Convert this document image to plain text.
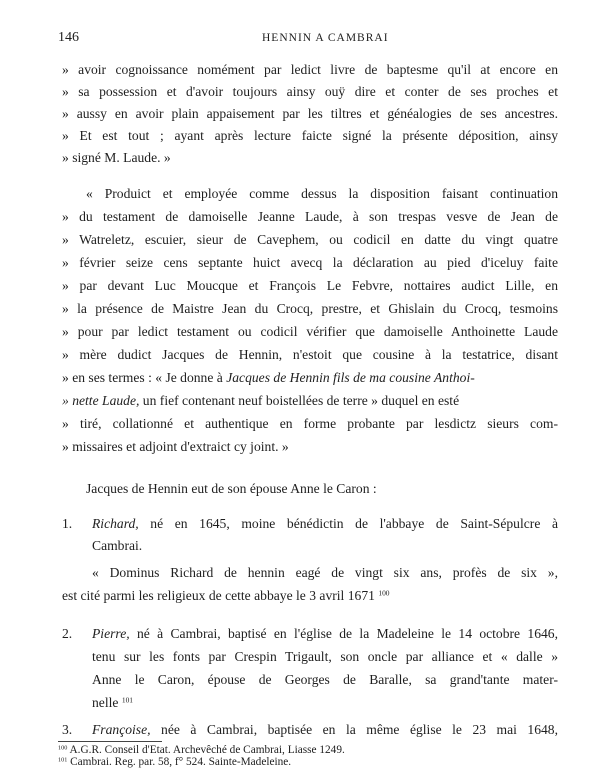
146	HENNIN A CAMBRAI
» avoir cognoissance nomément par ledict livre de baptesme qu'il at encore en
» sa possession et d'avoir toujours ainsy ouÿ dire et conter de ses proches et
» aussy en avoir plain appaisement par les tiltres et généalogies de ses ancestres.
» Et est tout ; ayant après lecture faicte signé la présente déposition, ainsy
» signé M. Laude. »
« Produict et employée comme dessus la disposition faisant continuation
» du testament de damoiselle Jeanne Laude, à son trespas vesve de Jean de
» Watreletz, escuier, sieur de Cavephem, ou codicil en datte du vingt quatre
» février seize cens septante huict avecq la déclaration au pied d'iceluy faite
» par devant Luc Moucque et François Le Febvre, nottaires audict Lille, en
» la présence de Maistre Jean du Crocq, prestre, et Ghislain du Crocq, tesmoins
» pour par ledict testament ou codicil vérifier que damoiselle Anthoinette Laude
» mère dudict Jacques de Hennin, n'estoit que cousine à la testatrice, disant
» en ses termes : « Je donne à Jacques de Hennin fils de ma cousine Anthoi-
» nette Laude, un fief contenant neuf boistellées de terre » duquel en esté
» tiré, collationné et authentique en forme probante par lesdictz sieurs com-
» missaires et adjoint d'extraict cy joint. »
Jacques de Hennin eut de son épouse Anne le Caron :
1. Richard, né en 1645, moine bénédictin de l'abbaye de Saint-Sépulcre à
Cambrai.
« Dominus Richard de hennin eagé de vingt six ans, profès de six »,
est cité parmi les religieux de cette abbaye le 3 avril 1671 $^{100}$
2. Pierre, né à Cambrai, baptisé en l'église de la Madeleine le 14 octobre 1646,
tenu sur les fonts par Crespin Trigault, son oncle par alliance et « dalle »
Anne le Caron, épouse de Georges de Baralle, sa grand'tante mater-
nelle $^{101}$
3. Françoise, née à Cambrai, baptisée en la même église le 23 mai 1648,
$^{100}$ A.G.R. Conseil d'Etat. Archevêché de Cambrai, Liasse 1249.
$^{101}$ Cambrai. Reg. par. 58, f° 524. Sainte-Madeleine.
